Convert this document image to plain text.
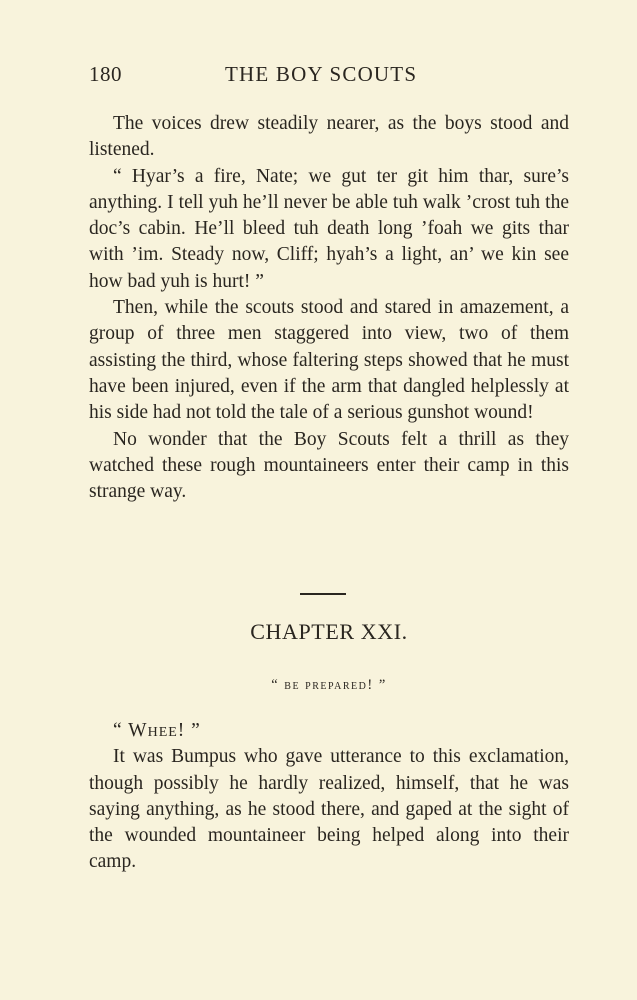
180	THE BOY SCOUTS

The voices drew steadily nearer, as the boys stood and listened.

“ Hyar’s a fire, Nate; we gut ter git him thar, sure’s anything. I tell yuh he’ll never be able tuh walk ’crost tuh the doc’s cabin. He’ll bleed tuh death long ’foah we gits thar with ’im. Steady now, Cliff; hyah’s a light, an’ we kin see how bad yuh is hurt! ”

Then, while the scouts stood and stared in amazement, a group of three men staggered into view, two of them assisting the third, whose faltering steps showed that he must have been injured, even if the arm that dangled helplessly at his side had not told the tale of a serious gunshot wound!

No wonder that the Boy Scouts felt a thrill as they watched these rough mountaineers enter their camp in this strange way.

CHAPTER XXI.
“ be prepared! ”

“ Whee! ”

It was Bumpus who gave utterance to this exclamation, though possibly he hardly realized, himself, that he was saying anything, as he stood there, and gaped at the sight of the wounded mountaineer being helped along into their camp.
